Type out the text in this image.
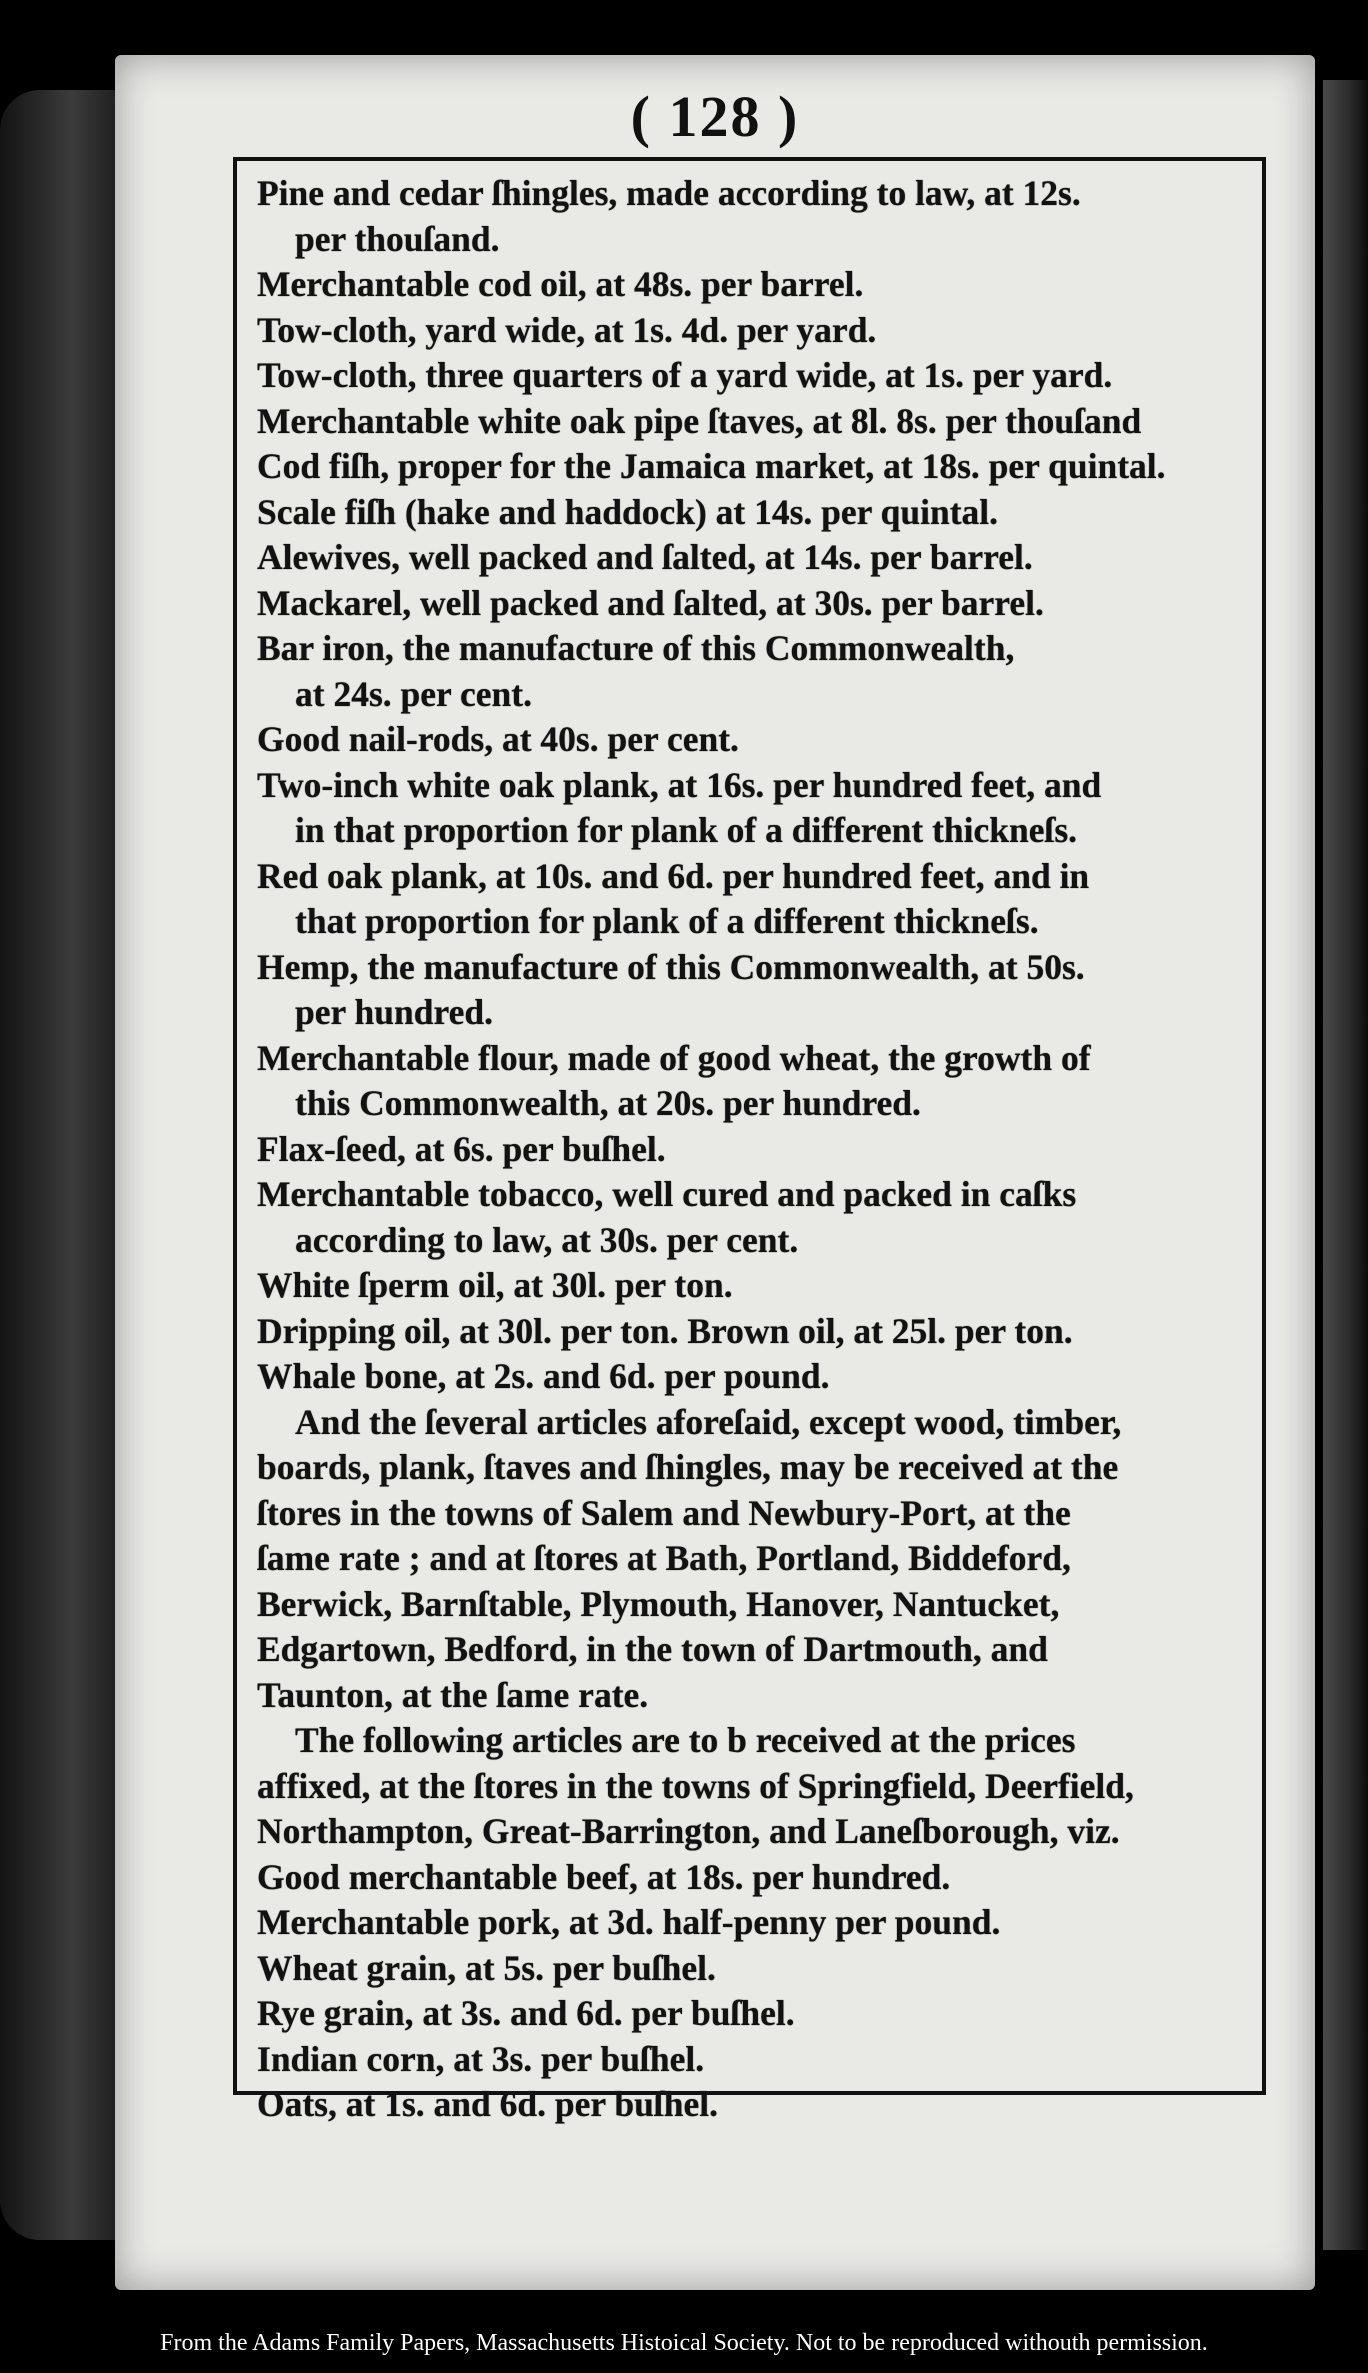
( 128 )
Pine and cedar ſhingles, made according to law, at 12s.
per thouſand.
Merchantable cod oil, at 48s. per barrel.
Tow-cloth, yard wide, at 1s. 4d. per yard.
Tow-cloth, three quarters of a yard wide, at 1s. per yard.
Merchantable white oak pipe ſtaves, at 8l. 8s. per thouſand
Cod fiſh, proper for the Jamaica market, at 18s. per quintal.
Scale fiſh (hake and haddock) at 14s. per quintal.
Alewives, well packed and ſalted, at 14s. per barrel.
Mackarel, well packed and ſalted, at 30s. per barrel.
Bar iron, the manufacture of this Commonwealth,
at 24s. per cent.
Good nail-rods, at 40s. per cent.
Two-inch white oak plank, at 16s. per hundred feet, and
in that proportion for plank of a different thickneſs.
Red oak plank, at 10s. and 6d. per hundred feet, and in
that proportion for plank of a different thickneſs.
Hemp, the manufacture of this Commonwealth, at 50s.
per hundred.
Merchantable flour, made of good wheat, the growth of
this Commonwealth, at 20s. per hundred.
Flax-ſeed, at 6s. per buſhel.
Merchantable tobacco, well cured and packed in caſks
according to law, at 30s. per cent.
White ſperm oil, at 30l. per ton.
Dripping oil, at 30l. per ton. Brown oil, at 25l. per ton.
Whale bone, at 2s. and 6d. per pound.
And the ſeveral articles aforeſaid, except wood, timber,
boards, plank, ſtaves and ſhingles, may be received at the
ſtores in the towns of Salem and Newbury-Port, at the
ſame rate ; and at ſtores at Bath, Portland, Biddeford,
Berwick, Barnſtable, Plymouth, Hanover, Nantucket,
Edgartown, Bedford, in the town of Dartmouth, and
Taunton, at the ſame rate.
The following articles are to b received at the prices
affixed, at the ſtores in the towns of Springfield, Deerfield,
Northampton, Great-Barrington, and Laneſborough, viz.
Good merchantable beef, at 18s. per hundred.
Merchantable pork, at 3d. half-penny per pound.
Wheat grain, at 5s. per buſhel.
Rye grain, at 3s. and 6d. per buſhel.
Indian corn, at 3s. per buſhel.
Oats, at 1s. and 6d. per buſhel.
From the Adams Family Papers, Massachusetts Histoical Society. Not to be reproduced withouth permission.
